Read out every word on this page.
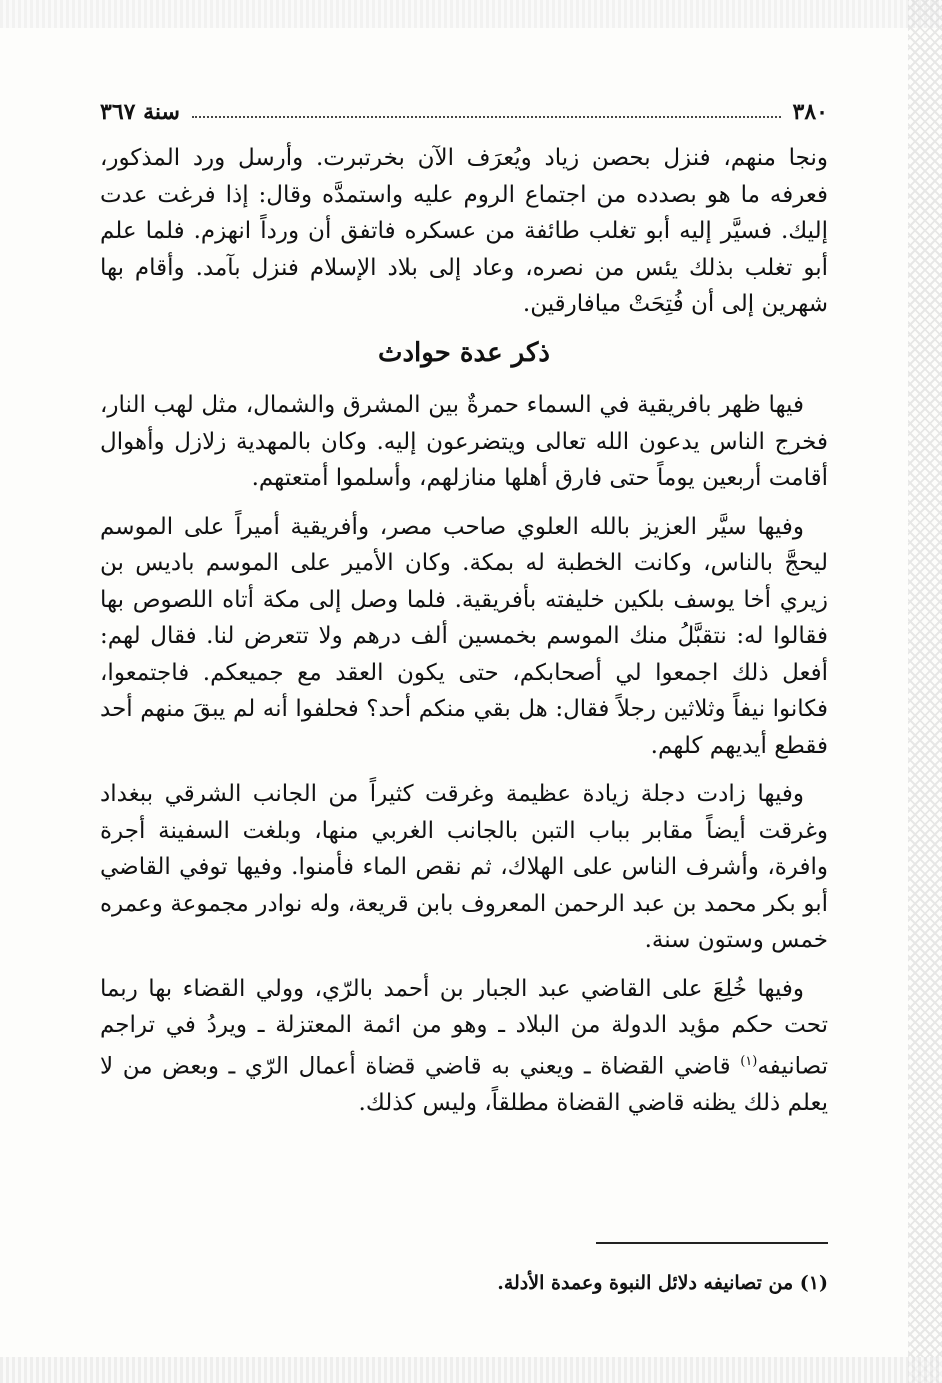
٣٨٠
سنة ٣٦٧

ونجا منهم، فنزل بحصن زياد ويُعرَف الآن بخرتبرت. وأرسل ورد المذكور، فعرفه ما هو بصدده من اجتماع الروم عليه واستمدَّه وقال: إذا فرغت عدت إليك. فسيَّر إليه أبو تغلب طائفة من عسكره فاتفق أن ورداً انهزم. فلما علم أبو تغلب بذلك يئس من نصره، وعاد إلى بلاد الإسلام فنزل بآمد. وأقام بها شهرين إلى أن فُتِحَتْ ميافارقين.

ذكر عدة حوادث

فيها ظهر بافريقية في السماء حمرةٌ بين المشرق والشمال، مثل لهب النار، فخرج الناس يدعون الله تعالى ويتضرعون إليه. وكان بالمهدية زلازل وأهوال أقامت أربعين يوماً حتى فارق أهلها منازلهم، وأسلموا أمتعتهم.

وفيها سيَّر العزيز بالله العلوي صاحب مصر، وأفريقية أميراً على الموسم ليحجَّ بالناس، وكانت الخطبة له بمكة. وكان الأمير على الموسم باديس بن زيري أخا يوسف بلكين خليفته بأفريقية. فلما وصل إلى مكة أتاه اللصوص بها فقالوا له: نتقبَّلُ منك الموسم بخمسين ألف درهم ولا تتعرض لنا. فقال لهم: أفعل ذلك اجمعوا لي أصحابكم، حتى يكون العقد مع جميعكم. فاجتمعوا، فكانوا نيفاً وثلاثين رجلاً فقال: هل بقي منكم أحد؟ فحلفوا أنه لم يبقَ منهم أحد فقطع أيديهم كلهم.

وفيها زادت دجلة زيادة عظيمة وغرقت كثيراً من الجانب الشرقي ببغداد وغرقت أيضاً مقابر بباب التبن بالجانب الغربي منها، وبلغت السفينة أجرة وافرة، وأشرف الناس على الهلاك، ثم نقص الماء فأمنوا. وفيها توفي القاضي أبو بكر محمد بن عبد الرحمن المعروف بابن قريعة، وله نوادر مجموعة وعمره خمس وستون سنة.

وفيها خُلِعَ على القاضي عبد الجبار بن أحمد بالرّي، وولي القضاء بها ربما تحت حكم مؤيد الدولة من البلاد ـ وهو من ائمة المعتزلة ـ ويردُ في تراجم تصانيفه$^{(١)}$ قاضي القضاة ـ ويعني به قاضي قضاة أعمال الرّي ـ وبعض من لا يعلم ذلك يظنه قاضي القضاة مطلقاً، وليس كذلك.

(١) من تصانيفه دلائل النبوة وعمدة الأدلة.
